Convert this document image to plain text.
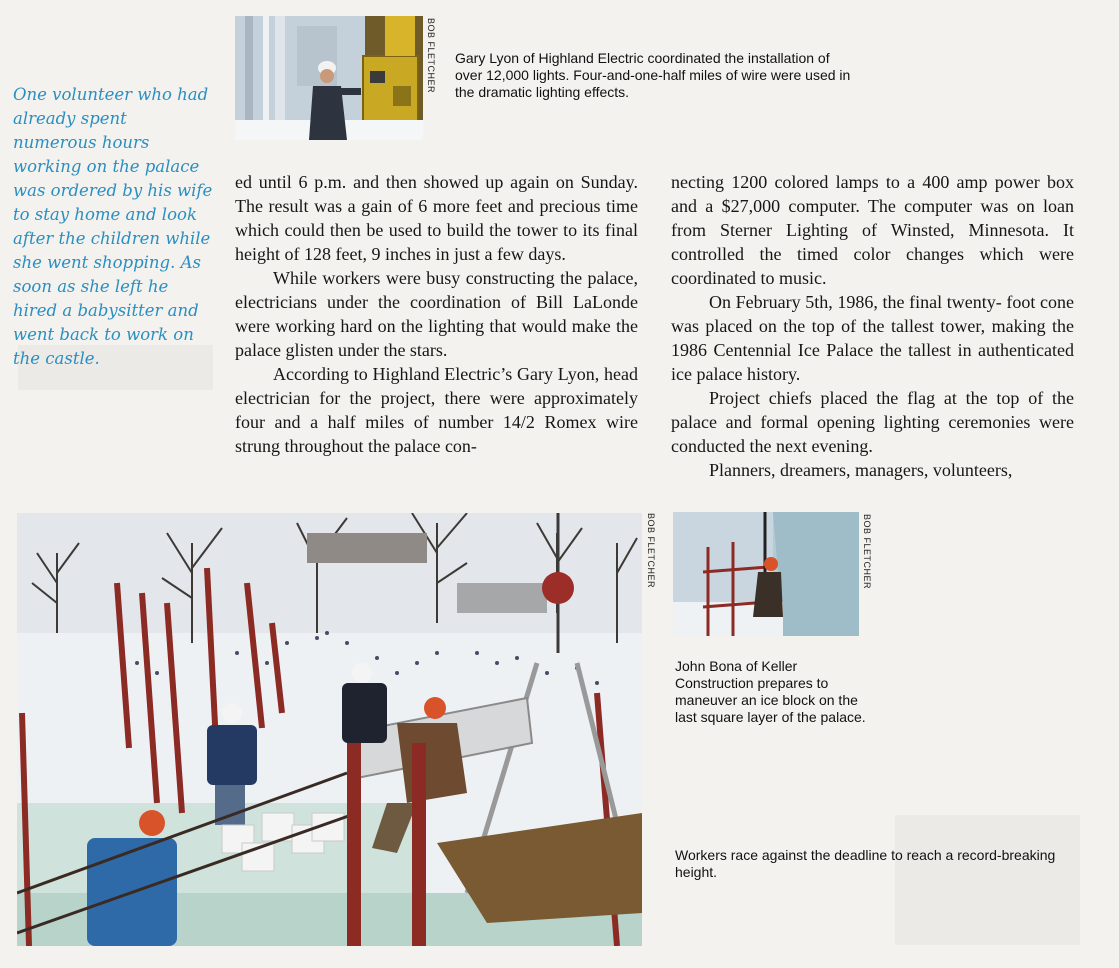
BOB FLETCHER Gary Lyon of Highland Electric coordinated the installation of over 12,000 lights. Four-and-one-half miles of wire were used in the dramatic lighting effects.
One volunteer who had already spent numerous hours working on the palace was ordered by his wife to stay home and look after the children while she went shopping. As soon as she left he hired a babysitter and went back to work on the castle.

ed until 6 p.m. and then showed up again on Sunday. The result was a gain of 6 more feet and precious time which could then be used to build the tower to its final height of 128 feet, 9 inches in just a few days.

While workers were busy constructing the palace, electricians under the coordination of Bill LaLonde were working hard on the lighting that would make the palace glisten under the stars.

According to Highland Electric’s Gary Lyon, head electrician for the project, there were approximately four and a half miles of number 14/2 Romex wire strung throughout the palace con-

necting 1200 colored lamps to a 400 amp power box and a $27,000 computer. The computer was on loan from Sterner Lighting of Winsted, Minnesota. It controlled the timed color changes which were coordinated to music.

On February 5th, 1986, the final twenty- foot cone was placed on the top of the tallest tower, making the 1986 Centennial Ice Palace the tallest in authenticated ice palace history.

Project chiefs placed the flag at the top of the palace and formal opening lighting ceremonies were conducted the next evening.

Planners, dreamers, managers, volunteers,

BOB FLETCHER	BOB FLETCHER
John Bona of Keller Construction prepares to maneuver an ice block on the last square layer of the palace.
Workers race against the deadline to reach a record-breaking height.
